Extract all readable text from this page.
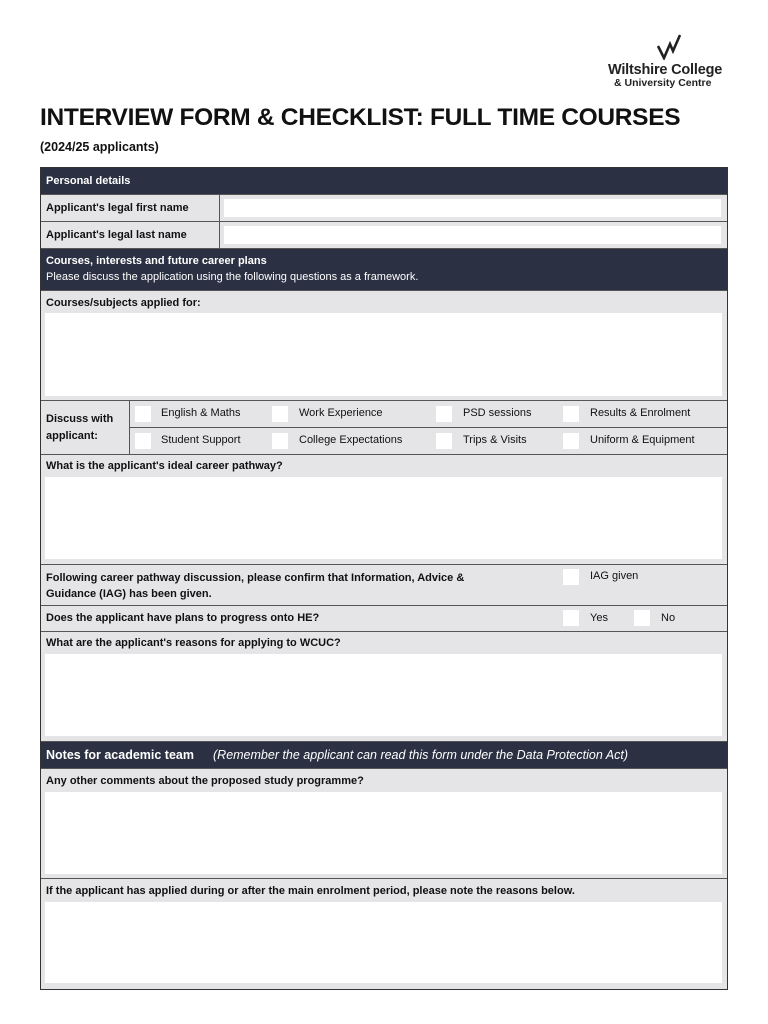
Wiltshire College
& University Centre
INTERVIEW FORM & CHECKLIST: FULL TIME COURSES
(2024/25 applicants)
Personal details
Applicant's legal first name
Applicant's legal last name
Courses, interests and future career plans
Please discuss the application using the following questions as a framework.
Courses/subjects applied for:
Discuss with applicant:
English & Maths	Work Experience	PSD sessions	Results & Enrolment
Student Support	College Expectations	Trips & Visits	Uniform & Equipment
What is the applicant's ideal career pathway?
Following career pathway discussion, please confirm that Information, Advice & Guidance (IAG) has been given.
IAG given
Does the applicant have plans to progress onto HE?	Yes	No
What are the applicant's reasons for applying to WCUC?
Notes for academic team (Remember the applicant can read this form under the Data Protection Act)
Any other comments about the proposed study programme?
If the applicant has applied during or after the main enrolment period, please note the reasons below.
